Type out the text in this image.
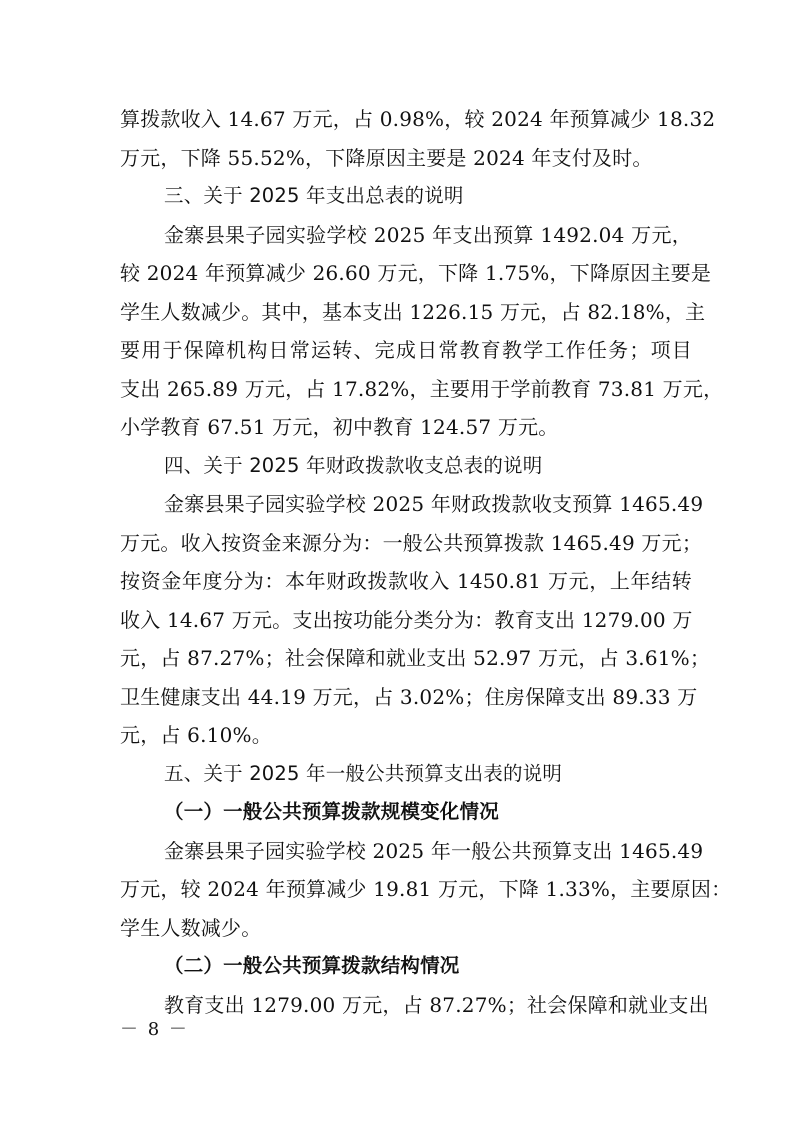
算拨款收入 14.67 万元，占 0.98%，较 2024 年预算减少 18.32
万元，下降 55.52%，下降原因主要是 2024 年支付及时。
三、关于 2025 年支出总表的说明
金寨县果子园实验学校 2025 年支出预算 1492.04 万元，
较 2024 年预算减少 26.60 万元，下降 1.75%，下降原因主要是
学生人数减少。其中，基本支出 1226.15 万元，占 82.18%，主
要用于保障机构日常运转、完成日常教育教学工作任务；项目
支出 265.89 万元，占 17.82%，主要用于学前教育 73.81 万元，
小学教育 67.51 万元，初中教育 124.57 万元。
四、关于 2025 年财政拨款收支总表的说明
金寨县果子园实验学校 2025 年财政拨款收支预算 1465.49
万元。收入按资金来源分为：一般公共预算拨款 1465.49 万元；
按资金年度分为：本年财政拨款收入 1450.81 万元，上年结转
收入 14.67 万元。支出按功能分类分为：教育支出 1279.00 万
元，占 87.27%；社会保障和就业支出 52.97 万元，占 3.61%；
卫生健康支出 44.19 万元，占 3.02%；住房保障支出 89.33 万
元，占 6.10%。
五、关于 2025 年一般公共预算支出表的说明
（一）一般公共预算拨款规模变化情况
金寨县果子园实验学校 2025 年一般公共预算支出 1465.49
万元，较 2024 年预算减少 19.81 万元，下降 1.33%，主要原因：
学生人数减少。
（二）一般公共预算拨款结构情况
教育支出 1279.00 万元，占 87.27%；社会保障和就业支出
－ 8 －
